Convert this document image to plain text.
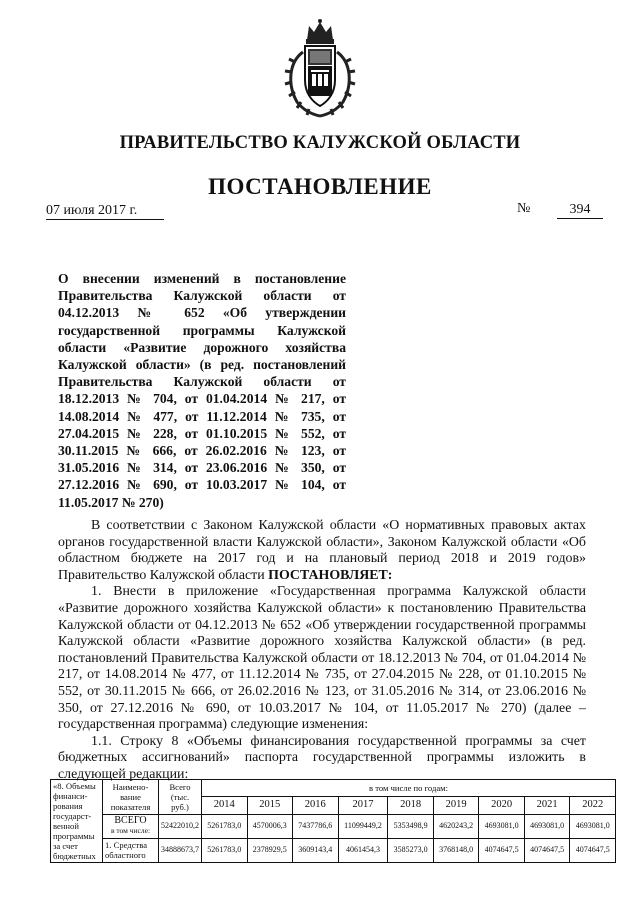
ПРАВИТЕЛЬСТВО КАЛУЖСКОЙ ОБЛАСТИ
ПОСТАНОВЛЕНИЕ
07 июля 2017 г.	№	394
О внесении изменений в постановление Правительства Калужской области от 04.12.2013 № 652 «Об утверждении государственной программы Калужской области «Развитие дорожного хозяйства Калужской области» (в ред. постановлений Правительства Калужской области от 18.12.2013 № 704, от 01.04.2014 № 217, от 14.08.2014 № 477, от 11.12.2014 № 735, от 27.04.2015 № 228, от 01.10.2015 № 552, от 30.11.2015 № 666, от 26.02.2016 № 123, от 31.05.2016 № 314, от 23.06.2016 № 350, от 27.12.2016 № 690, от 10.03.2017 № 104, от 11.05.2017 № 270)

В соответствии с Законом Калужской области «О нормативных правовых актах органов государственной власти Калужской области», Законом Калужской области «Об областном бюджете на 2017 год и на плановый период 2018 и 2019 годов» Правительство Калужской области ПОСТАНОВЛЯЕТ:

1. Внести в приложение «Государственная программа Калужской области «Развитие дорожного хозяйства Калужской области» к постановлению Правительства Калужской области от 04.12.2013 № 652 «Об утверждении государственной программы Калужской области «Развитие дорожного хозяйства Калужской области» (в ред. постановлений Правительства Калужской области от 18.12.2013 № 704, от 01.04.2014 № 217, от 14.08.2014 № 477, от 11.12.2014 № 735, от 27.04.2015 № 228, от 01.10.2015 № 552, от 30.11.2015 № 666, от 26.02.2016 № 123, от 31.05.2016 № 314, от 23.06.2016 № 350, от 27.12.2016 № 690, от 10.03.2017 № 104, от 11.05.2017 № 270) (далее – государственная программа) следующие изменения:

1.1. Строку 8 «Объемы финансирования государственной программы за счет бюджетных ассигнований» паспорта государственной программы изложить в следующей редакции:

«8. Объемы финанси-рования государст-венной программы за счет бюджетных	Наимено-вание показателя	Всего (тыс. руб.)	в том числе по годам:								
			2014	2015	2016	2017	2018	2019	2020	2021	2022
	ВСЕГО
в том числе:	52422010,2	5261783,0	4570006,3	7437786,6	11099449,2	5353498,9	4620243,2	4693081,0	4693081,0	4693081,0
	1. Средства областного	34888673,7	5261783,0	2378929,5	3609143,4	4061454,3	3585273,0	3768148,0	4074647,5	4074647,5	4074647,5
